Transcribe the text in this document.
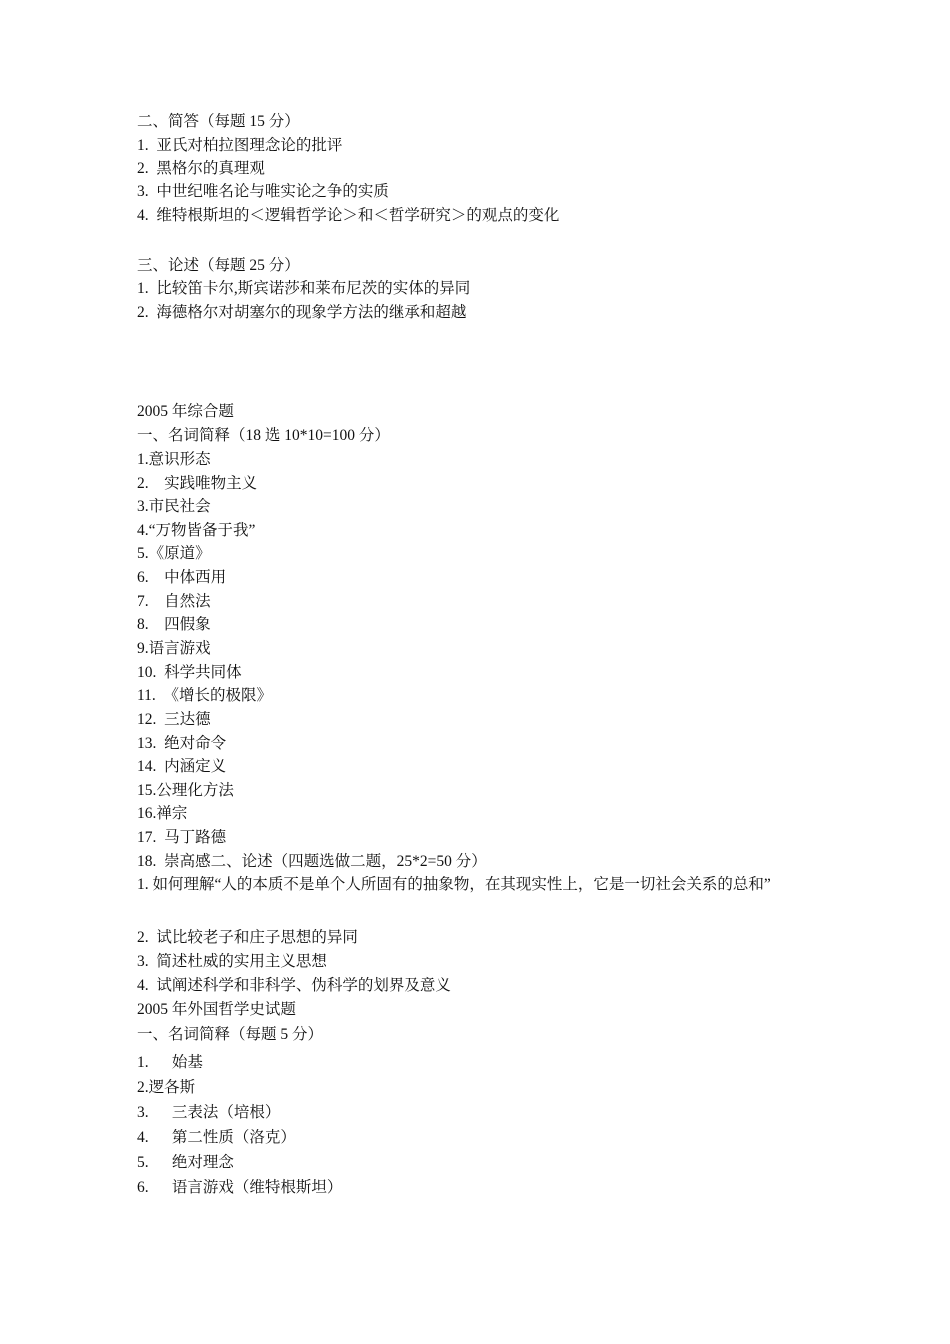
二、简答（每题 15 分）
1.  亚氏对柏拉图理念论的批评
2.  黑格尔的真理观
3.  中世纪唯名论与唯实论之争的实质
4.  维特根斯坦的＜逻辑哲学论＞和＜哲学研究＞的观点的变化
三、论述（每题 25 分）
1.  比较笛卡尔,斯宾诺莎和莱布尼茨的实体的异同
2.  海德格尔对胡塞尔的现象学方法的继承和超越
2005 年综合题
一、名词简释（18 选 10*10=100 分）
1.意识形态
2.    实践唯物主义
3.市民社会
4.“万物皆备于我”
5.《原道》
6.    中体西用
7.    自然法
8.    四假象
9.语言游戏
10.  科学共同体
11.  《增长的极限》
12.  三达德
13.  绝对命令
14.  内涵定义
15.公理化方法
16.禅宗
17.  马丁路德
18.  崇高感二、论述（四题选做二题，25*2=50 分）
1. 如何理解“人的本质不是单个人所固有的抽象物，在其现实性上，它是一切社会关系的总和”
2.  试比较老子和庄子思想的异同
3.  简述杜威的实用主义思想
4.  试阐述科学和非科学、伪科学的划界及意义
2005 年外国哲学史试题
一、名词简释（每题 5 分）
1.      始基
2.逻各斯
3.      三表法（培根）
4.      第二性质（洛克）
5.      绝对理念
6.      语言游戏（维特根斯坦）
